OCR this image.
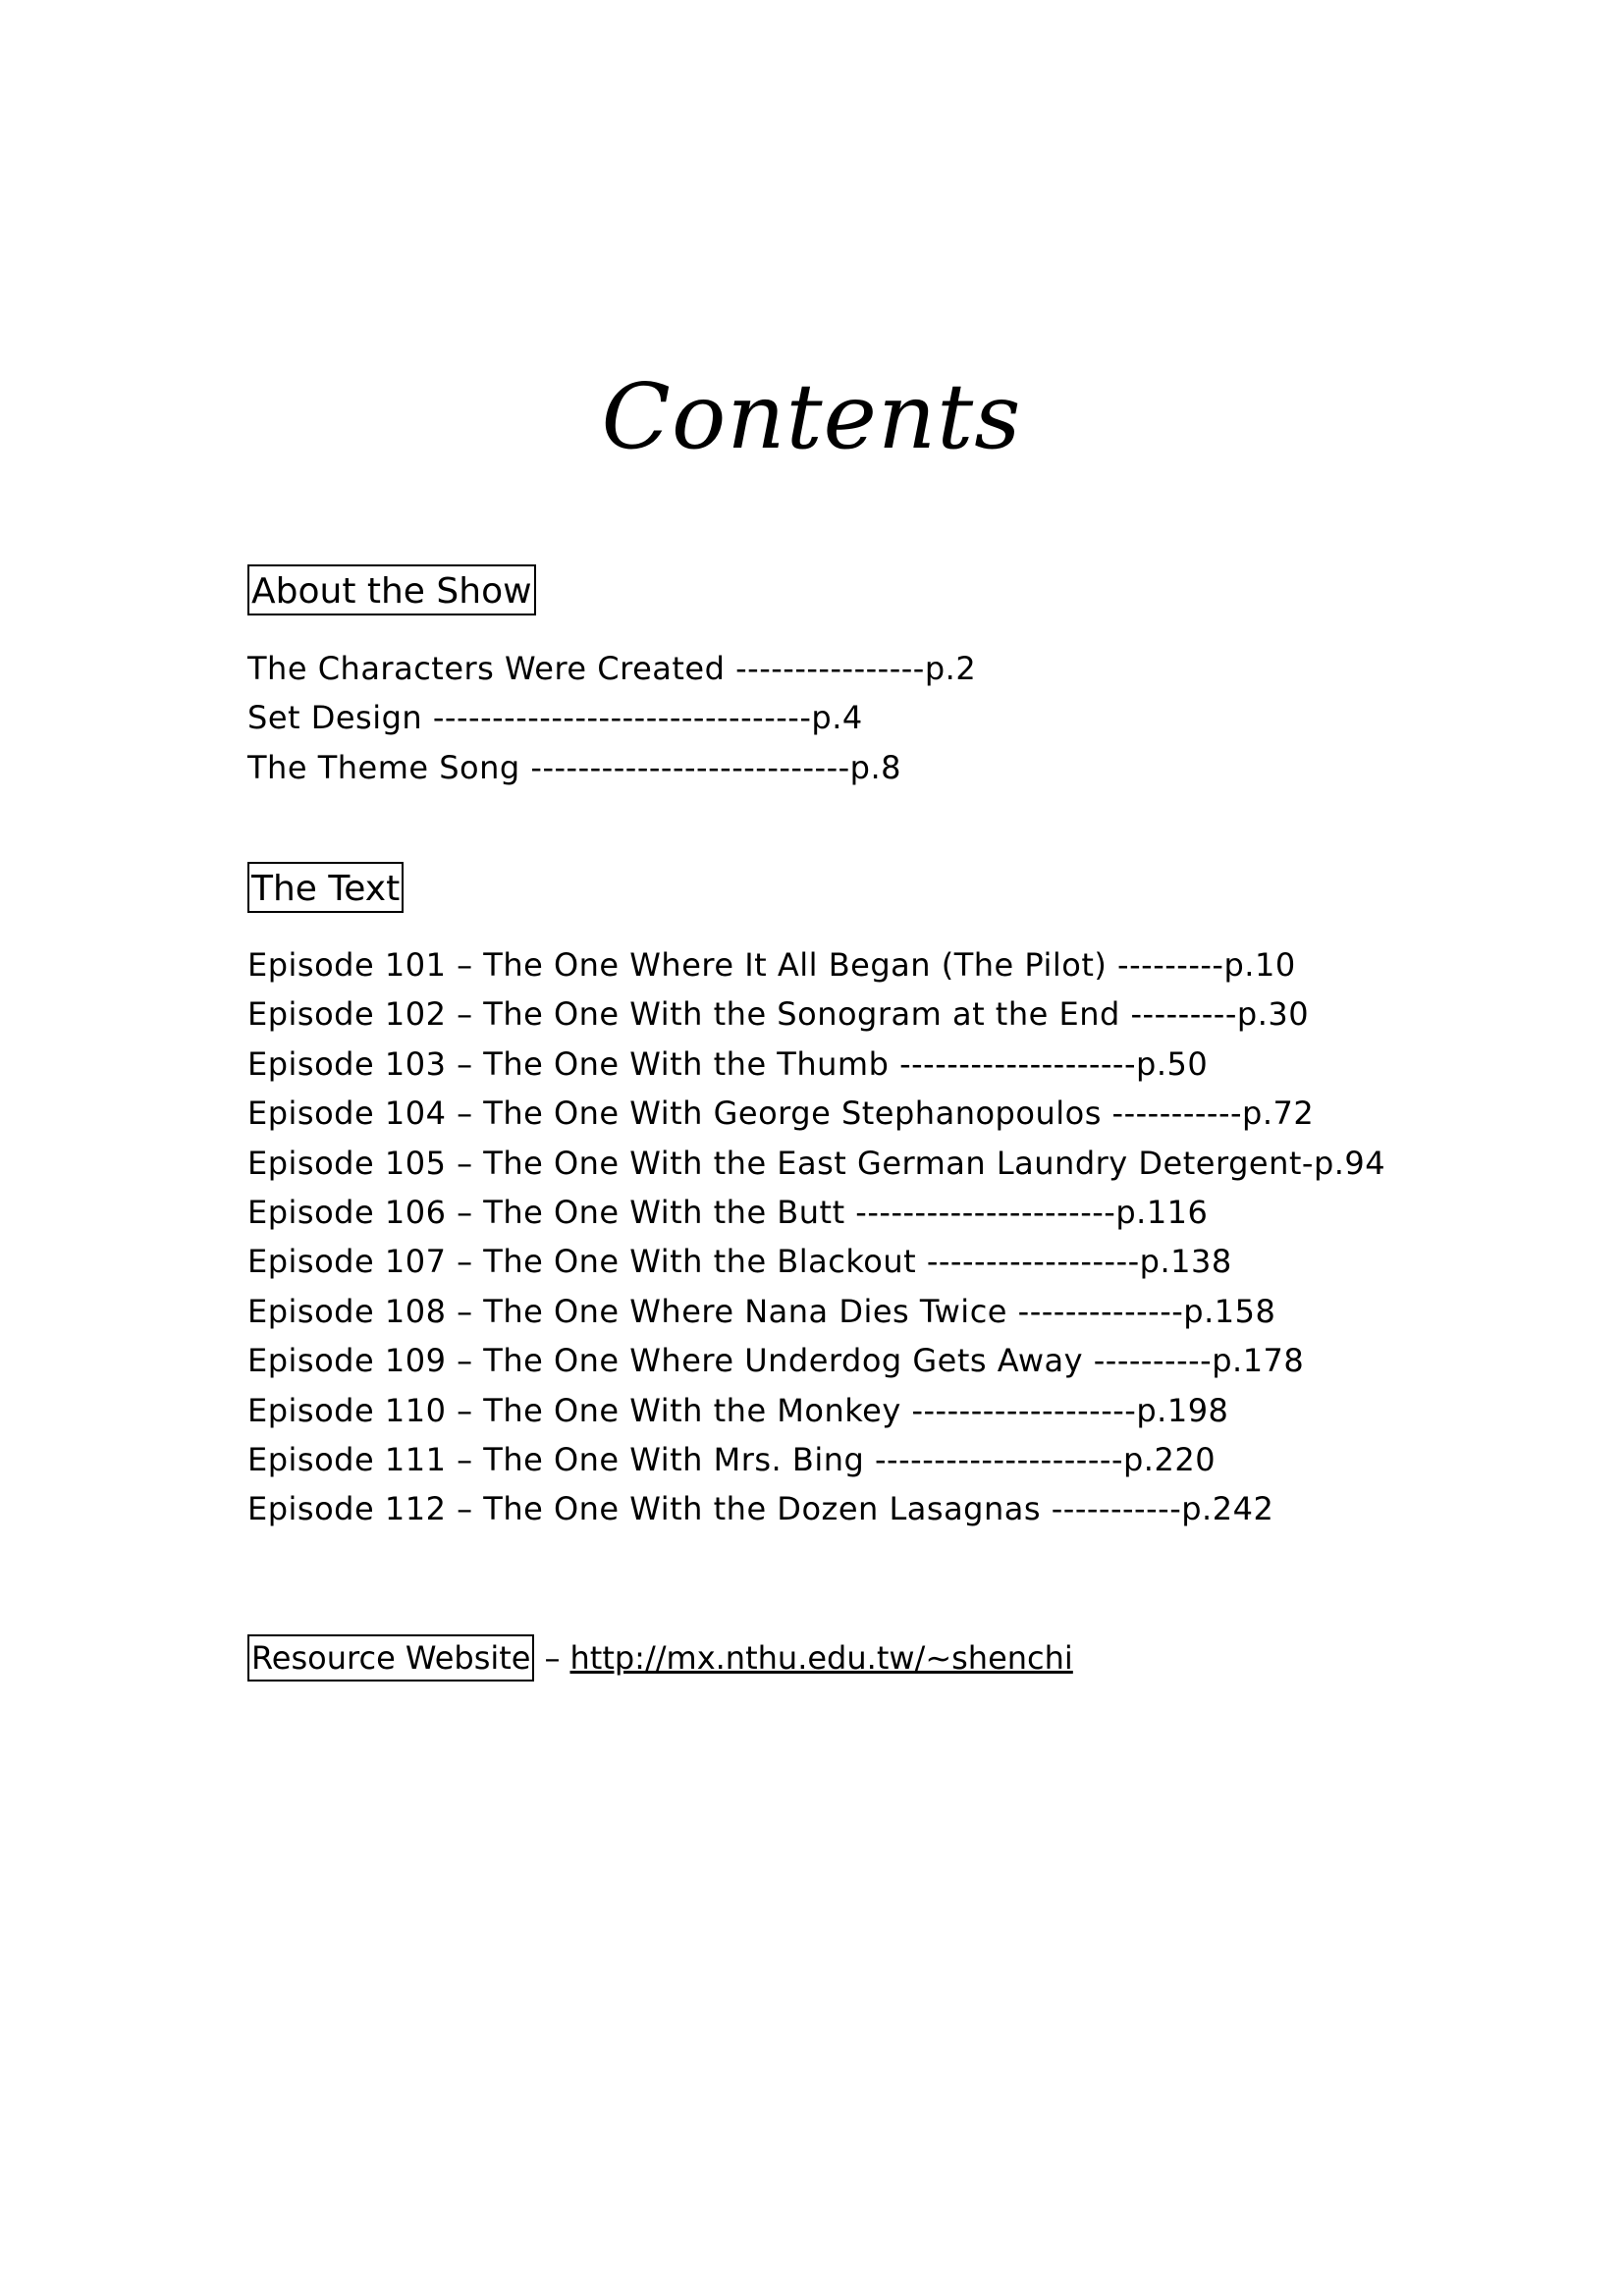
Contents
About the Show
The Characters Were Created ----------------p.2
Set Design --------------------------------p.4
The Theme Song ---------------------------p.8
The Text
Episode 101 – The One Where It All Began (The Pilot) ---------p.10
Episode 102 – The One With the Sonogram at the End ---------p.30
Episode 103 – The One With the Thumb --------------------p.50
Episode 104 – The One With George Stephanopoulos -----------p.72
Episode 105 – The One With the East German Laundry Detergent-p.94
Episode 106 – The One With the Butt ----------------------p.116
Episode 107 – The One With the Blackout ------------------p.138
Episode 108 – The One Where Nana Dies Twice --------------p.158
Episode 109 – The One Where Underdog Gets Away ----------p.178
Episode 110 – The One With the Monkey -------------------p.198
Episode 111 – The One With Mrs. Bing ---------------------p.220
Episode 112 – The One With the Dozen Lasagnas -----------p.242
Resource Website – http://mx.nthu.edu.tw/~shenchi
